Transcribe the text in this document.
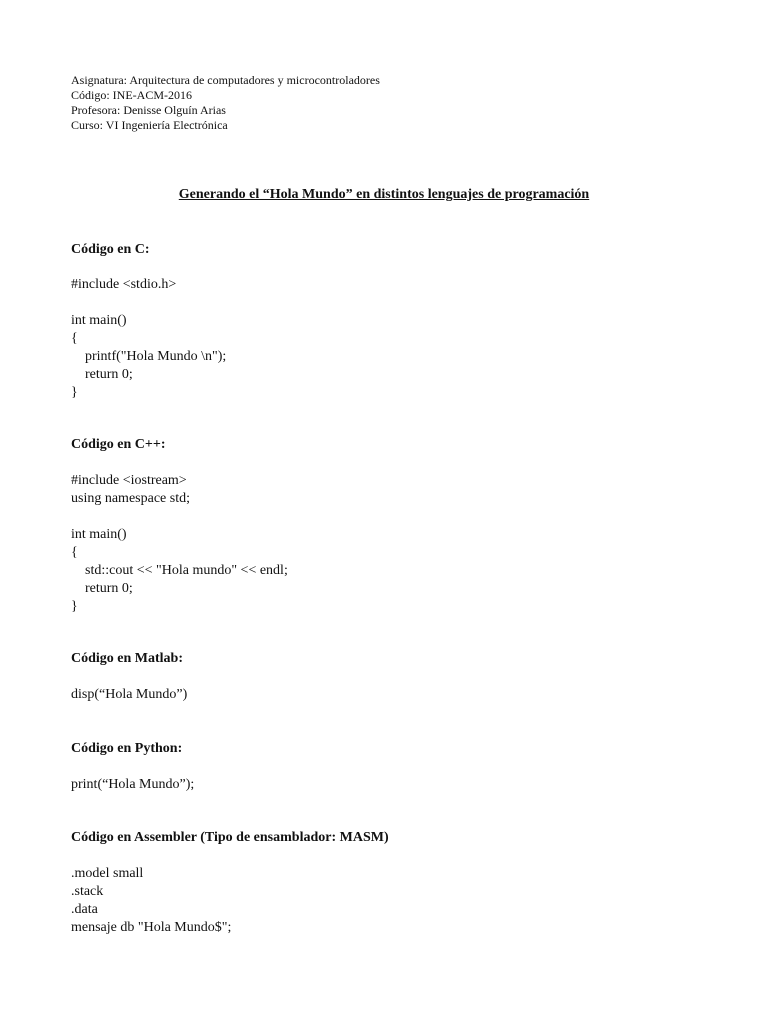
Asignatura: Arquitectura de computadores y microcontroladores
Código: INE-ACM-2016
Profesora: Denisse Olguín Arias
Curso: VI Ingeniería Electrónica
Generando el “Hola Mundo” en distintos lenguajes de programación
Código en C:
#include <stdio.h>
int main()
{
printf("Hola Mundo \n");
return 0;
}
Código en C++:
#include <iostream>
using namespace std;
int main()
{
std::cout << "Hola mundo" << endl;
return 0;
}
Código en Matlab:
disp(“Hola Mundo”)
Código en Python:
print(“Hola Mundo”);
Código en Assembler (Tipo de ensamblador: MASM)
.model small
.stack
.data
mensaje db "Hola Mundo$";
